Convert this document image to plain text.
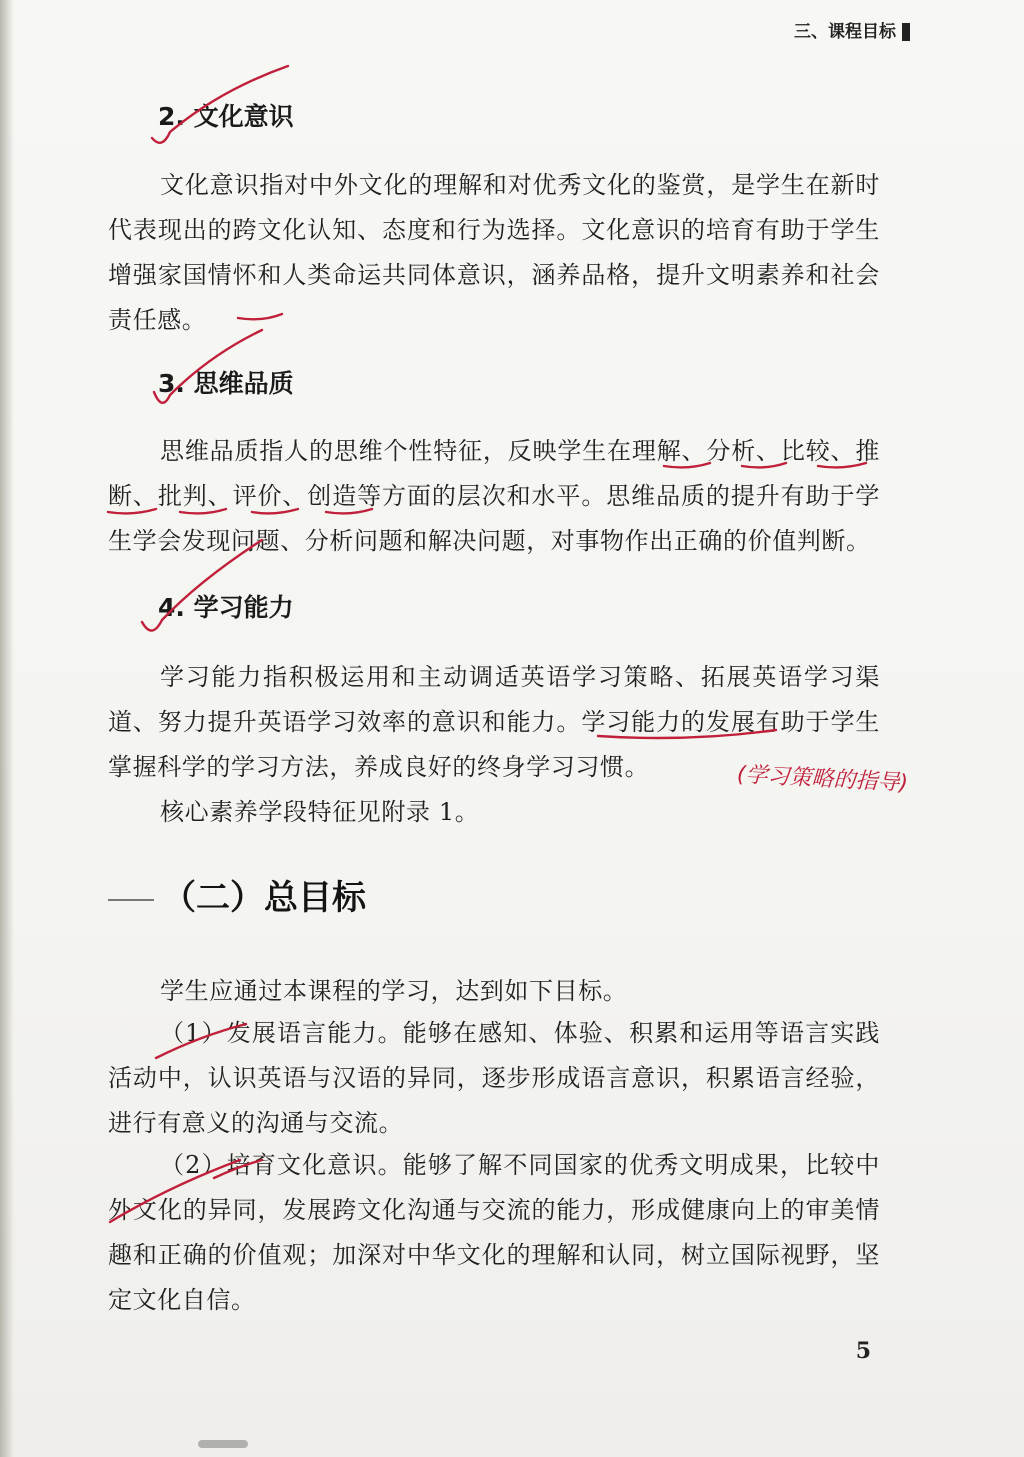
三、课程目标
2. 文化意识
文化意识指对中外文化的理解和对优秀文化的鉴赏，是学生在新时代表现出的跨文化认知、态度和行为选择。文化意识的培育有助于学生增强家国情怀和人类命运共同体意识，涵养品格，提升文明素养和社会责任感。
3. 思维品质
思维品质指人的思维个性特征，反映学生在理解、分析、比较、推断、批判、评价、创造等方面的层次和水平。思维品质的提升有助于学生学会发现问题、分析问题和解决问题，对事物作出正确的价值判断。
4. 学习能力
学习能力指积极运用和主动调适英语学习策略、拓展英语学习渠道、努力提升英语学习效率的意识和能力。学习能力的发展有助于学生掌握科学的学习方法，养成良好的终身学习习惯。
核心素养学段特征见附录 1。
（二）总目标
学生应通过本课程的学习，达到如下目标。
（1）发展语言能力。能够在感知、体验、积累和运用等语言实践活动中，认识英语与汉语的异同，逐步形成语言意识，积累语言经验，进行有意义的沟通与交流。
（2）培育文化意识。能够了解不同国家的优秀文明成果，比较中外文化的异同，发展跨文化沟通与交流的能力，形成健康向上的审美情趣和正确的价值观；加深对中华文化的理解和认同，树立国际视野，坚定文化自信。
5
(学习策略的指导)
